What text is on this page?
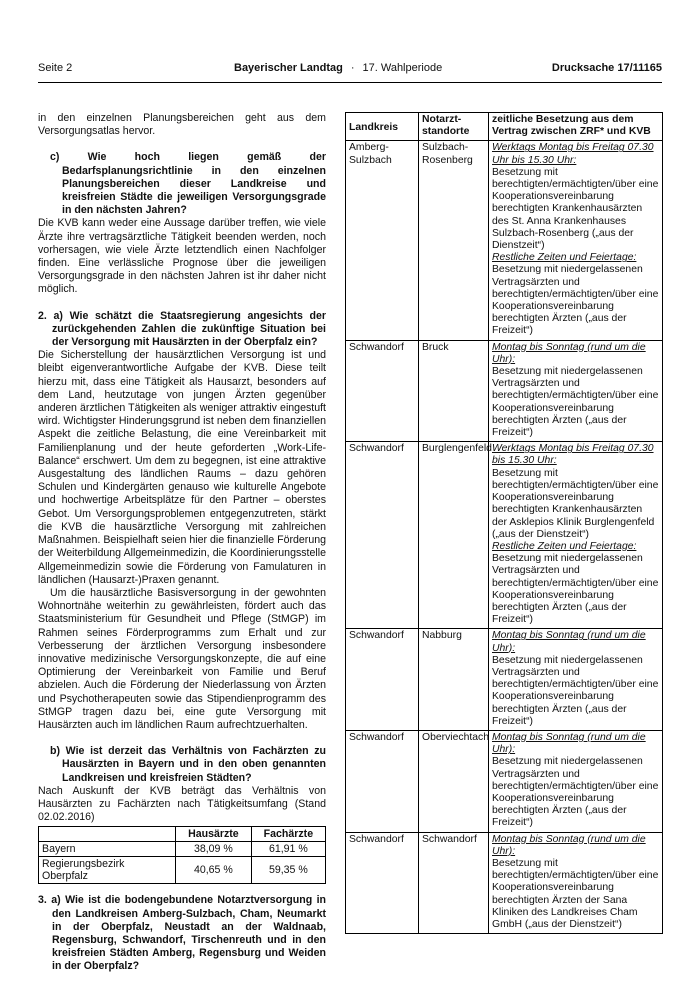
Seite 2	Bayerischer Landtag · 17. Wahlperiode	Drucksache 17/11165

in den einzelnen Planungsbereichen geht aus dem Versorgungsatlas hervor.

c) Wie hoch liegen gemäß der Bedarfsplanungsrichtlinie in den einzelnen Planungsbereichen dieser Landkreise und kreisfreien Städte die jeweiligen Versorgungsgrade in den nächsten Jahren?

Die KVB kann weder eine Aussage darüber treffen, wie viele Ärzte ihre vertragsärztliche Tätigkeit beenden werden, noch vorhersagen, wie viele Ärzte letztendlich einen Nachfolger finden. Eine verlässliche Prognose über die jeweiligen Versorgungsgrade in den nächsten Jahren ist ihr daher nicht möglich.

2. a) Wie schätzt die Staatsregierung angesichts der zurückgehenden Zahlen die zukünftige Situation bei der Versorgung mit Hausärzten in der Oberpfalz ein?

Die Sicherstellung der hausärztlichen Versorgung ist und bleibt eigenverantwortliche Aufgabe der KVB. Diese teilt hierzu mit, dass eine Tätigkeit als Hausarzt, besonders auf dem Land, heutzutage von jungen Ärzten gegenüber anderen ärztlichen Tätigkeiten als weniger attraktiv eingestuft wird. Wichtigster Hinderungsgrund ist neben dem finanziellen Aspekt die zeitliche Belastung, die eine Vereinbarkeit mit Familienplanung und der heute geforderten „Work-Life-Balance“ erschwert. Um dem zu begegnen, ist eine attraktive Ausgestaltung des ländlichen Raums – dazu gehören Schulen und Kindergärten genauso wie kulturelle Angebote und hochwertige Arbeitsplätze für den Partner – oberstes Gebot. Um Versorgungsproblemen entgegenzutreten, stärkt die KVB die hausärztliche Versorgung mit zahlreichen Maßnahmen. Beispielhaft seien hier die finanzielle Förderung der Weiterbildung Allgemeinmedizin, die Koordinierungsstelle Allgemeinmedizin sowie die Förderung von Famulaturen in ländlichen (Hausarzt-)Praxen genannt.

Um die hausärztliche Basisversorgung in der gewohnten Wohnortnähe weiterhin zu gewährleisten, fördert auch das Staatsministerium für Gesundheit und Pflege (StMGP) im Rahmen seines Förderprogramms zum Erhalt und zur Verbesserung der ärztlichen Versorgung insbesondere innovative medizinische Versorgungskonzepte, die auf eine Optimierung der Vereinbarkeit von Familie und Beruf abzielen. Auch die Förderung der Niederlassung von Ärzten und Psychotherapeuten sowie das Stipendienprogramm des StMGP tragen dazu bei, eine gute Versorgung mit Hausärzten auch im ländlichen Raum aufrechtzuerhalten.

b) Wie ist derzeit das Verhältnis von Fachärzten zu Hausärzten in Bayern und in den oben genannten Landkreisen und kreisfreien Städten?

Nach Auskunft der KVB beträgt das Verhältnis von Hausärzten zu Fachärzten nach Tätigkeitsumfang (Stand 02.02.2016)

	Hausärzte	Fachärzte
Bayern	38,09 %	61,91 %
Regierungsbezirk Oberpfalz	40,65 %	59,35 %

3. a) Wie ist die bodengebundene Notarztversorgung in den Landkreisen Amberg-Sulzbach, Cham, Neumarkt in der Oberpfalz, Neustadt an der Waldnaab, Regensburg, Schwandorf, Tirschenreuth und in den kreisfreien Städten Amberg, Regensburg und Weiden in der Oberpfalz?

Landkreis	Notarzt-standorte	zeitliche Besetzung aus dem Vertrag zwischen ZRF* und KVB
Amberg-Sulzbach	Sulzbach-Rosenberg	Werktags Montag bis Freitag 07.30 Uhr bis 15.30 Uhr:
Besetzung mit berechtigten/ermächtigten/über eine Kooperationsvereinbarung berechtigten Krankenhausärzten des St. Anna Krankenhauses Sulzbach-Rosenberg („aus der Dienstzeit“)
Restliche Zeiten und Feiertage:
Besetzung mit niedergelassenen Vertragsärzten und berechtigten/ermächtigten/über eine Kooperationsvereinbarung berechtigten Ärzten („aus der Freizeit“)
Schwandorf	Bruck	Montag bis Sonntag (rund um die Uhr):
Besetzung mit niedergelassenen Vertragsärzten und berechtigten/ermächtigten/über eine Kooperationsvereinbarung berechtigten Ärzten („aus der Freizeit“)
Schwandorf	Burglengenfeld	Werktags Montag bis Freitag 07.30 bis 15.30 Uhr:
Besetzung mit berechtigten/ermächtigten/über eine Kooperationsvereinbarung berechtigten Krankenhausärzten der Asklepios Klinik Burglengenfeld („aus der Dienstzeit“)
Restliche Zeiten und Feiertage:
Besetzung mit niedergelassenen Vertragsärzten und berechtigten/ermächtigten/über eine Kooperationsvereinbarung berechtigten Ärzten („aus der Freizeit“)
Schwandorf	Nabburg	Montag bis Sonntag (rund um die Uhr):
Besetzung mit niedergelassenen Vertragsärzten und berechtigten/ermächtigten/über eine Kooperationsvereinbarung berechtigten Ärzten („aus der Freizeit“)
Schwandorf	Oberviechtach	Montag bis Sonntag (rund um die Uhr):
Besetzung mit niedergelassenen Vertragsärzten und berechtigten/ermächtigten/über eine Kooperationsvereinbarung berechtigten Ärzten („aus der Freizeit“)
Schwandorf	Schwandorf	Montag bis Sonntag (rund um die Uhr):
Besetzung mit berechtigten/ermächtigten/über eine Kooperationsvereinbarung berechtigten Ärzten der Sana Kliniken des Landkreises Cham GmbH („aus der Dienstzeit“)
